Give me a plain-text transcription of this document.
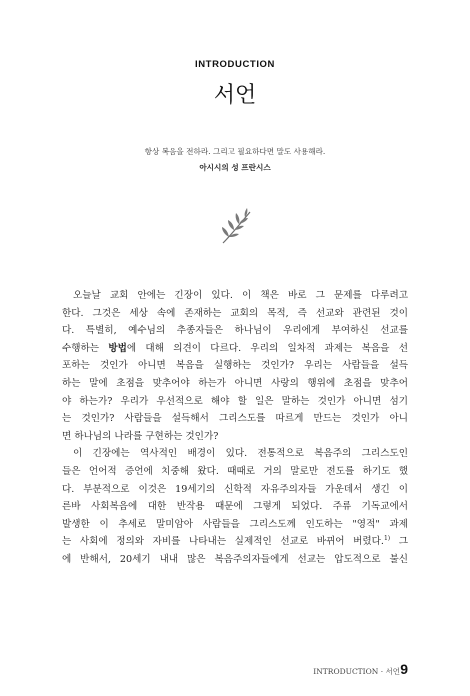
INTRODUCTION
서언
항상 복음을 전하라. 그리고 필요하다면 말도 사용해라.
아시시의 성 프란시스
오늘날 교회 안에는 긴장이 있다. 이 책은 바로 그 문제를 다루려고
한다. 그것은 세상 속에 존재하는 교회의 목적, 즉 선교와 관련된 것이
다. 특별히, 예수님의 추종자들은 하나님이 우리에게 부여하신 선교를
수행하는 방법에 대해 의견이 다르다. 우리의 일차적 과제는 복음을 선
포하는 것인가 아니면 복음을 실행하는 것인가? 우리는 사람들을 설득
하는 말에 초점을 맞추어야 하는가 아니면 사랑의 행위에 초점을 맞추어
야 하는가? 우리가 우선적으로 해야 할 일은 말하는 것인가 아니면 섬기
는 것인가? 사람들을 설득해서 그리스도를 따르게 만드는 것인가 아니
면 하나님의 나라를 구현하는 것인가?
이 긴장에는 역사적인 배경이 있다. 전통적으로 복음주의 그리스도인
들은 언어적 증언에 치중해 왔다. 때때로 거의 말로만 전도를 하기도 했
다. 부분적으로 이것은 19세기의 신학적 자유주의자들 가운데서 생긴 이
른바 사회복음에 대한 반작용 때문에 그렇게 되었다. 주류 기독교에서
발생한 이 추세로 말미암아 사람들을 그리스도께 인도하는 "영적" 과제
는 사회에 정의와 자비를 나타내는 실제적인 선교로 바뀌어 버렸다.$^{1)}$ 그
에 반해서, 20세기 내내 많은 복음주의자들에게 선교는 압도적으로 불신
INTRODUCTION · 서언 9
